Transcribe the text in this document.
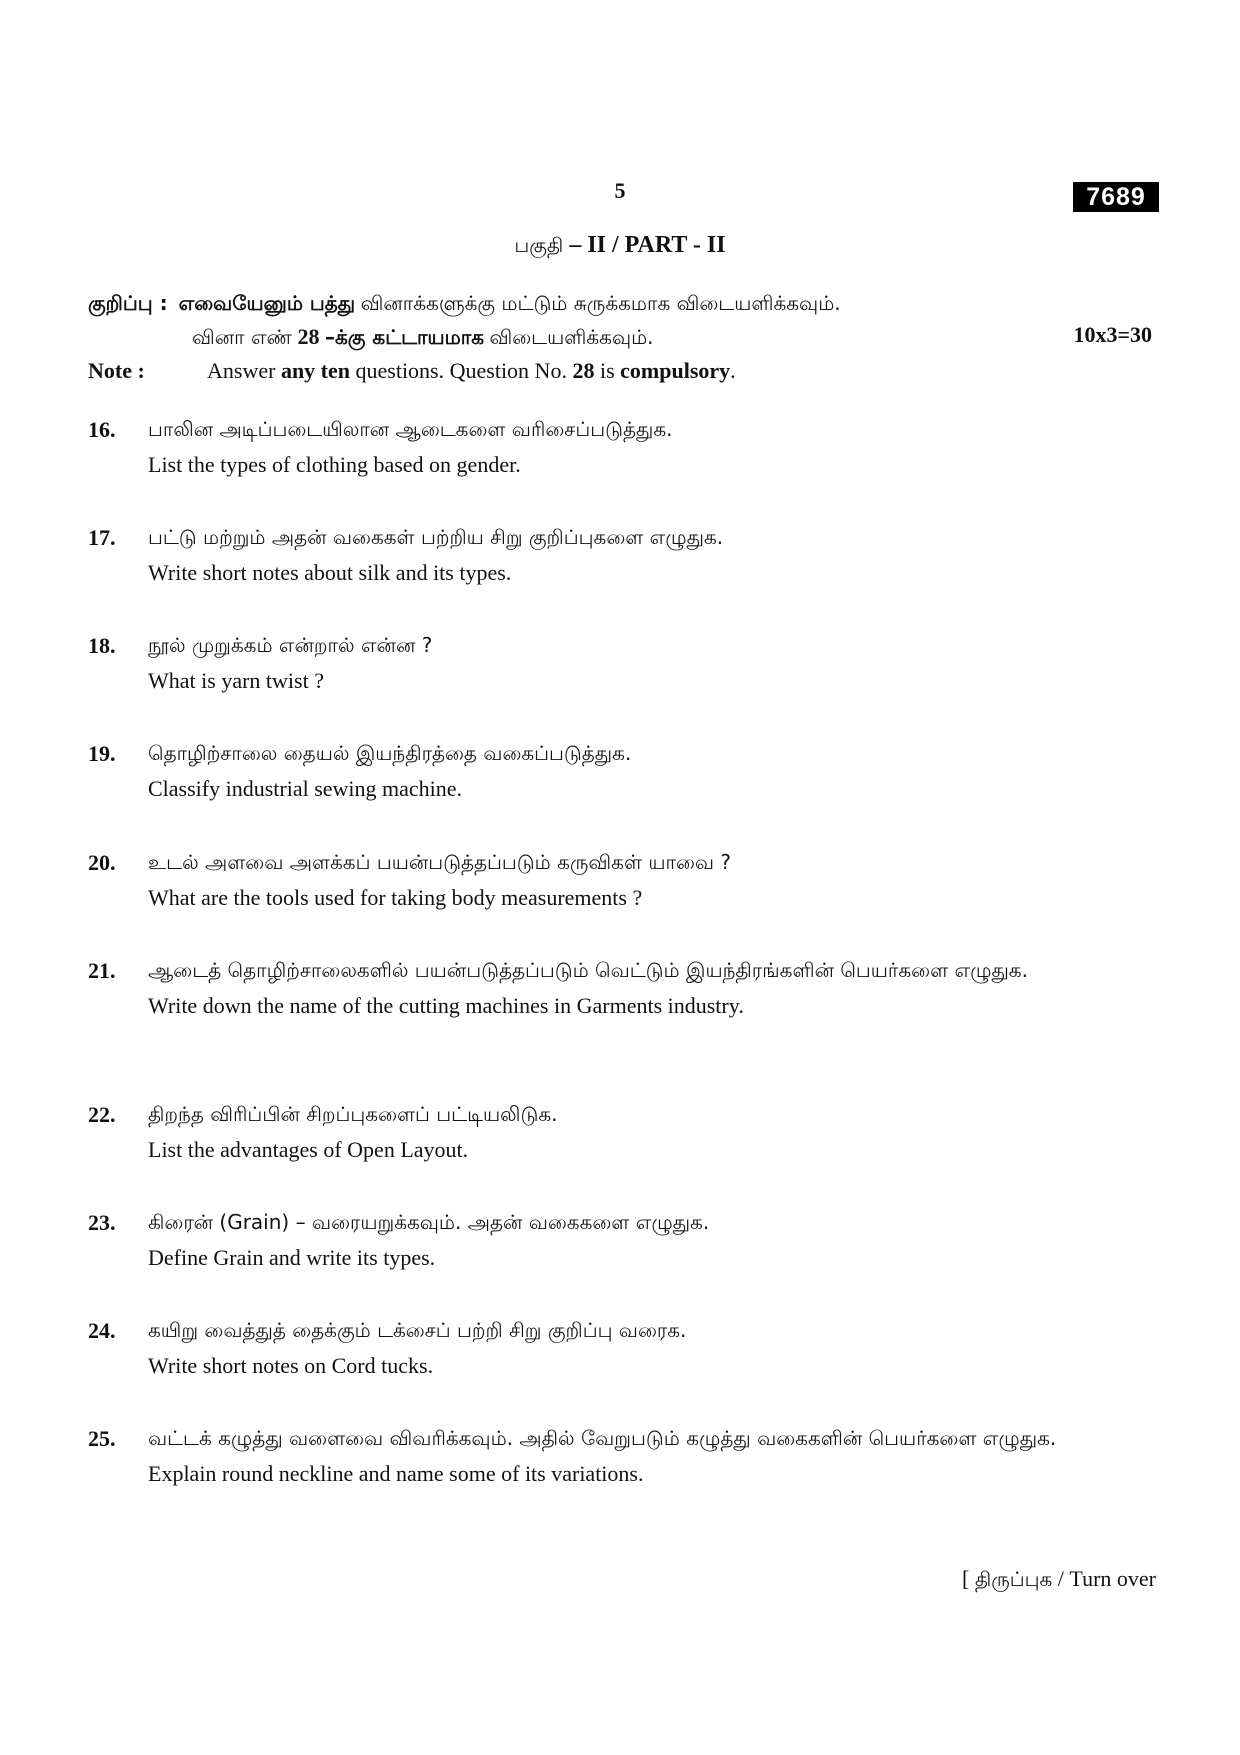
5	7689
பகுதி – II / PART - II
குறிப்பு : எவையேனும் பத்து வினாக்களுக்கு மட்டும் சுருக்கமாக விடையளிக்கவும்.
வினா எண் 28 –க்கு கட்டாயமாக விடையளிக்கவும்.	10x3=30
Note :	Answer any ten questions. Question No. 28 is compulsory.
16. பாலின அடிப்படையிலான ஆடைகளை வரிசைப்படுத்துக.
List the types of clothing based on gender.
17. பட்டு மற்றும் அதன் வகைகள் பற்றிய சிறு குறிப்புகளை எழுதுக.
Write short notes about silk and its types.
18. நூல் முறுக்கம் என்றால் என்ன ?
What is yarn twist ?
19. தொழிற்சாலை தையல் இயந்திரத்தை வகைப்படுத்துக.
Classify industrial sewing machine.
20. உடல் அளவை அளக்கப் பயன்படுத்தப்படும் கருவிகள் யாவை ?
What are the tools used for taking body measurements ?
21. ஆடைத் தொழிற்சாலைகளில் பயன்படுத்தப்படும் வெட்டும் இயந்திரங்களின் பெயர்களை எழுதுக.
Write down the name of the cutting machines in Garments industry.
22. திறந்த விரிப்பின் சிறப்புகளைப் பட்டியலிடுக.
List the advantages of Open Layout.
23. கிரைன் (Grain) – வரையறுக்கவும். அதன் வகைகளை எழுதுக.
Define Grain and write its types.
24. கயிறு வைத்துத் தைக்கும் டக்சைப் பற்றி சிறு குறிப்பு வரைக.
Write short notes on Cord tucks.
25. வட்டக் கழுத்து வளைவை விவரிக்கவும். அதில் வேறுபடும் கழுத்து வகைகளின் பெயர்களை எழுதுக.
Explain round neckline and name some of its variations.
[ திருப்புக / Turn over
